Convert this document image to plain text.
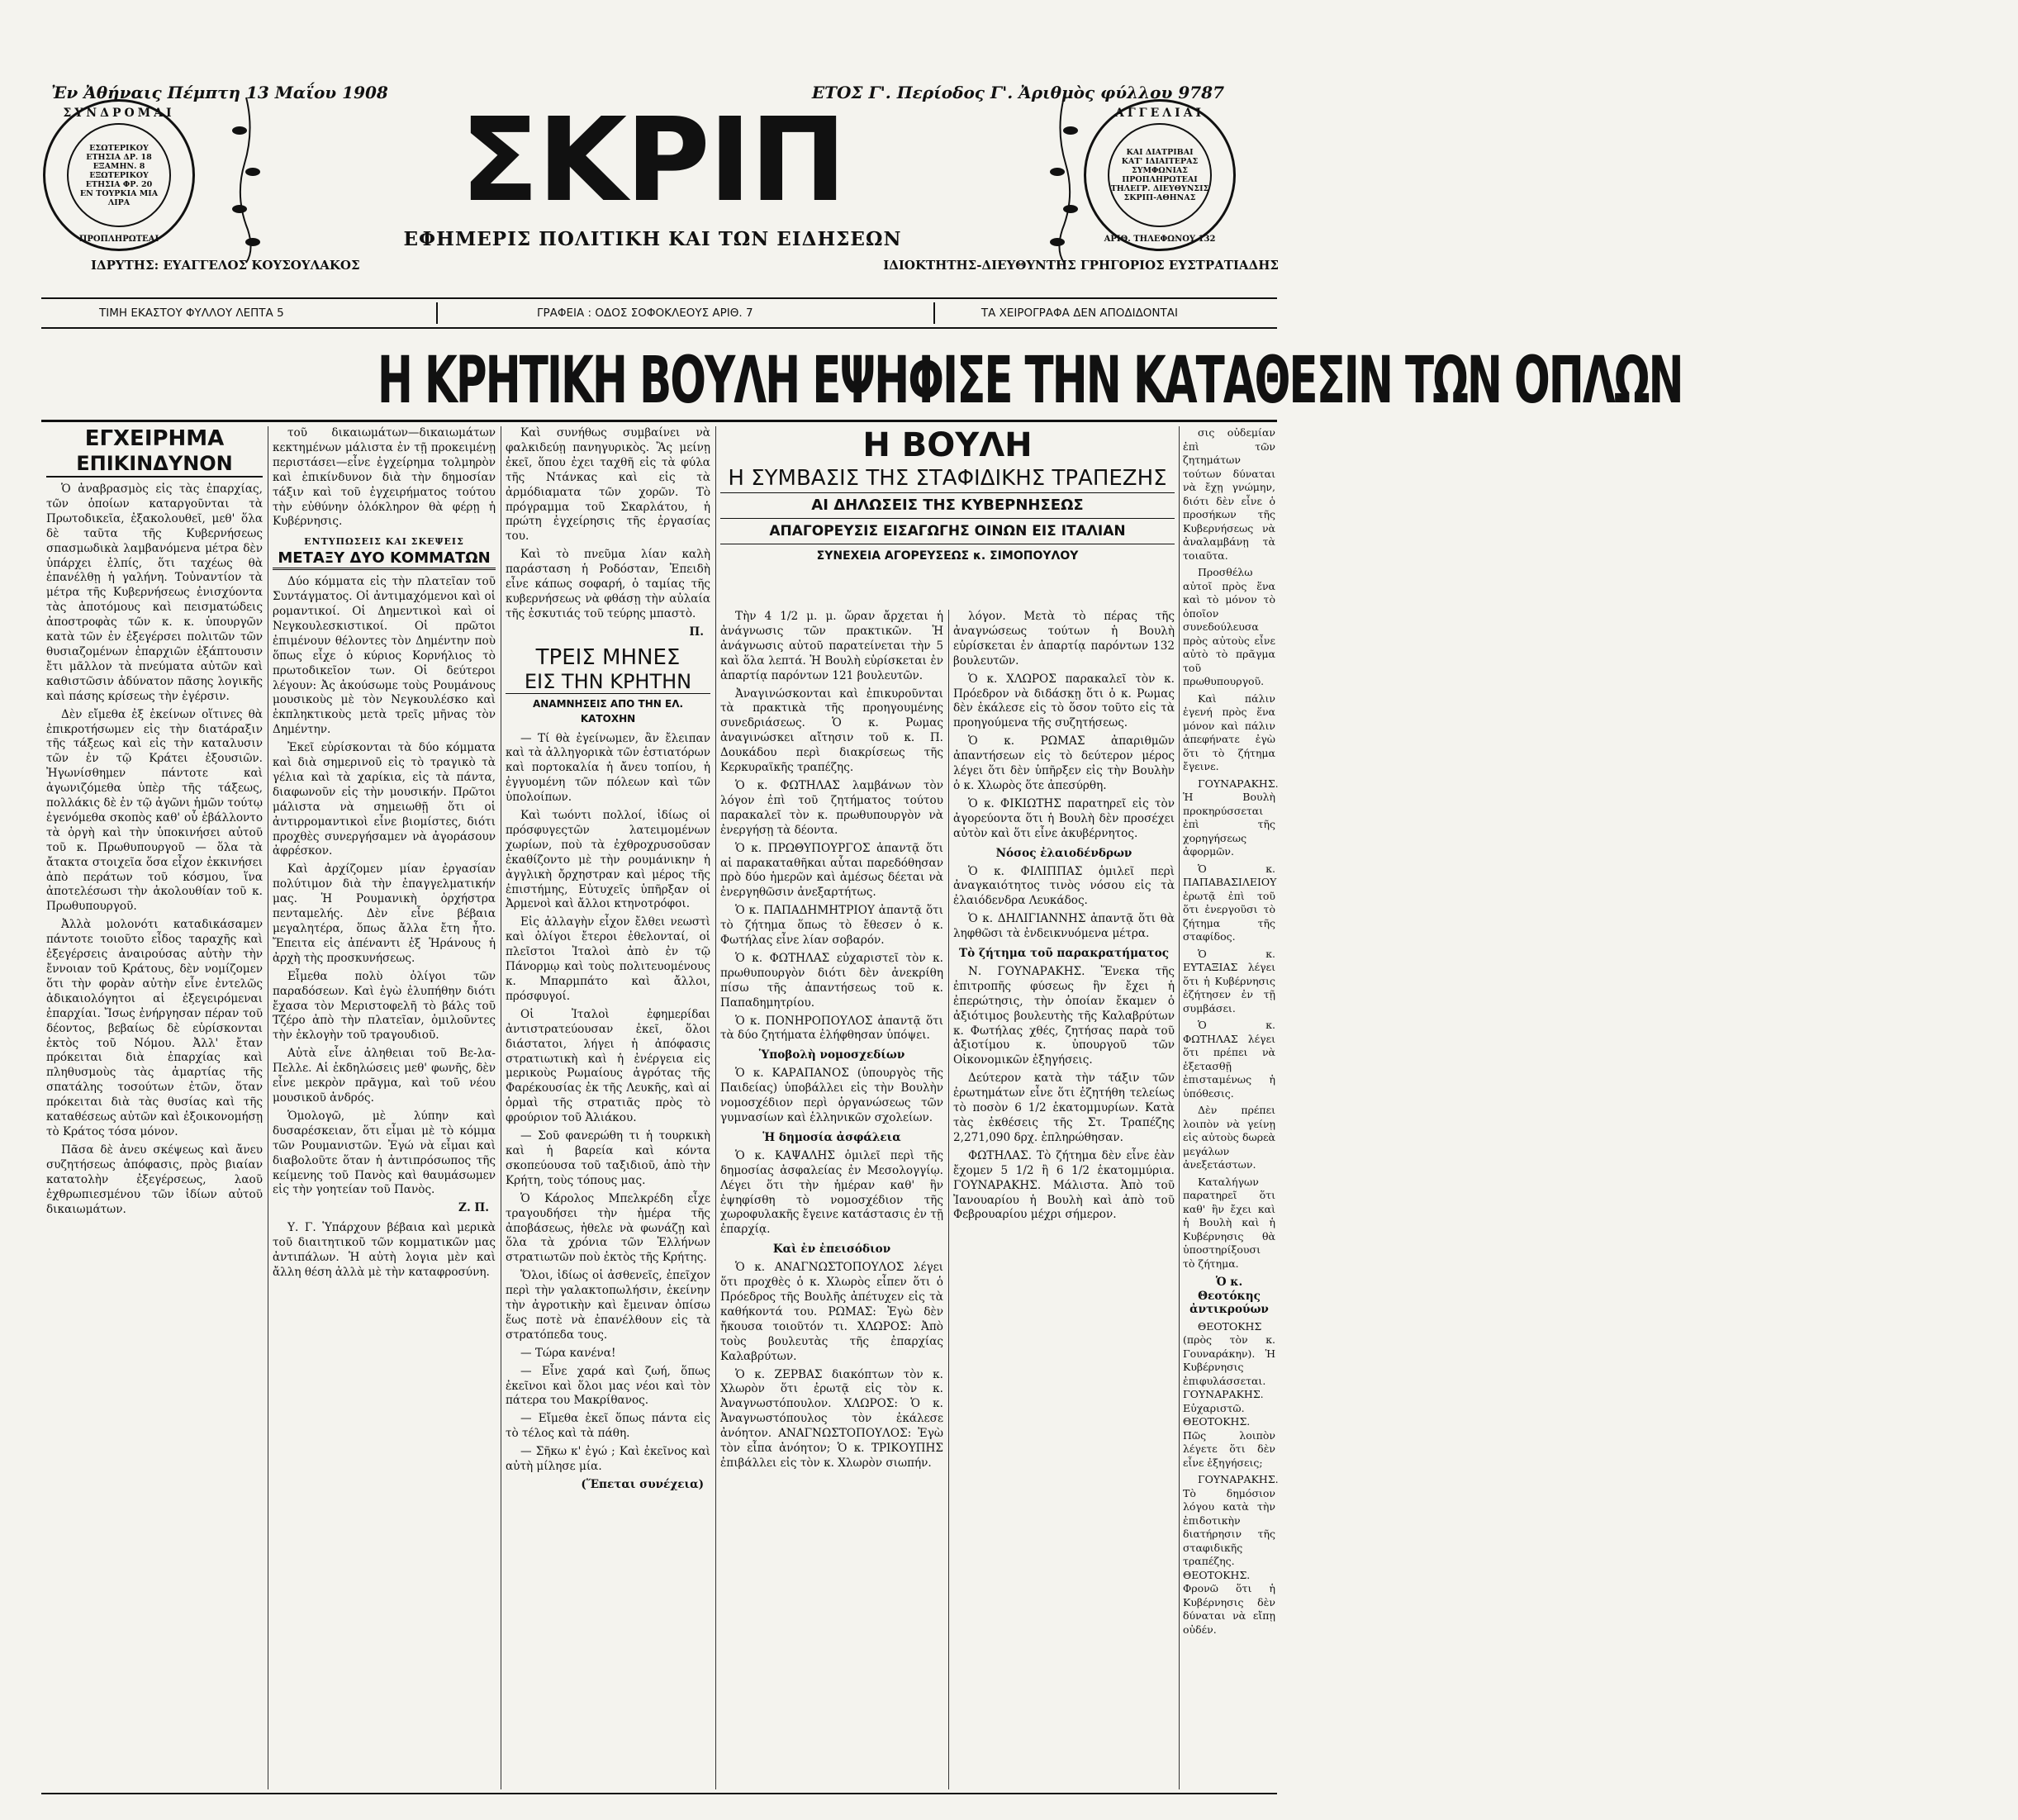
Ἐν Ἀθήναις Πέμπτη 13 Μαΐου 1908	ΕΤΟΣ Γ'. Περίοδος Γ'. Ἀριθμὸς φύλλου 9787
ΣΥΝΔΡΟΜΑΙ
ΕΣΩΤΕΡΙΚΟΥ
ΕΤΗΣΙΑ ΔΡ. 18
ΕΞΑΜΗΝ. 8
ΕΞΩΤΕΡΙΚΟΥ
ΕΤΗΣΙΑ ΦΡ. 20
ΕΝ ΤΟΥΡΚΙΑ ΜΙΑ ΛΙΡΑ
ΠΡΟΠΛΗΡΩΤΕΑΙ
ΣΚΡΙΠ
ΕΦΗΜΕΡΙΣ ΠΟΛΙΤΙΚΗ ΚΑΙ ΤΩΝ ΕΙΔΗΣΕΩΝ
ΙΔΡΥΤΗΣ: ΕΥΑΓΓΕΛΟΣ ΚΟΥΣΟΥΛΑΚΟΣ	ΙΔΙΟΚΤΗΤΗΣ-ΔΙΕΥΘΥΝΤΗΣ ΓΡΗΓΟΡΙΟΣ ΕΥΣΤΡΑΤΙΑΔΗΣ
ΑΓΓΕΛΙΑΙ
ΚΑΙ ΔΙΑΤΡΙΒΑΙ
ΚΑΤ' ΙΔΙΑΙΤΕΡΑΣ
ΣΥΜΦΩΝΙΑΣ
ΠΡΟΠΛΗΡΩΤΕΑΙ
ΤΗΛΕΓΡ. ΔΙΕΥΘΥΝΣΙΣ
ΣΚΡΙΠ-ΑΘΗΝΑΣ
ΑΡΙΘ. ΤΗΛΕΦΩΝΟΥ 132
ΤΙΜΗ ΕΚΑΣΤΟΥ ΦΥΛΛΟΥ ΛΕΠΤΑ 5	ΓΡΑΦΕΙΑ : ΟΔΟΣ ΣΟΦΟΚΛΕΟΥΣ ΑΡΙΘ. 7	ΤΑ ΧΕΙΡΟΓΡΑΦΑ ΔΕΝ ΑΠΟΔΙΔΟΝΤΑΙ
Η ΚΡΗΤΙΚΗ ΒΟΥΛΗ ΕΨΗΦΙΣΕ ΤΗΝ ΚΑΤΑΘΕΣΙΝ ΤΩΝ ΟΠΛΩΝ
ΕΓΧΕΙΡΗΜΑ
ΕΠΙΚΙΝΔΥΝΟΝ

Ὁ ἀναβρασμὸς εἰς τὰς ἐπαρχίας, τῶν ὁποίων καταργοῦνται τὰ Πρωτοδικεῖα, ἐξακολουθεῖ, μεθ' ὅλα δὲ ταῦτα τῆς Κυβερνήσεως σπασμωδικὰ λαμβανόμενα μέτρα δὲν ὑπάρχει ἐλπίς, ὅτι ταχέως θὰ ἐπανέλθῃ ἡ γαλήνη. Τοὐναντίον τὰ μέτρα τῆς Κυβερνήσεως ἐνισχύοντα τὰς ἀποτόμους καὶ πεισματώδεις ἀποστροφὰς τῶν κ. κ. ὑπουργῶν κατὰ τῶν ἐν ἐξεγέρσει πολιτῶν τῶν θυσιαζομένων ἐπαρχιῶν ἐξάπτουσιν ἔτι μᾶλλον τὰ πνεύματα αὐτῶν καὶ καθιστῶσιν ἀδύνατον πᾶσης λογικῆς καὶ πάσης κρίσεως τὴν ἐγέρσιν.

Δὲν εἴμεθα ἐξ ἐκείνων οἵτινες θὰ ἐπικροτήσωμεν εἰς τὴν διατάραξιν τῆς τάξεως καὶ εἰς τὴν καταλυσιν τῶν ἐν τῷ Κράτει ἐξουσιῶν. Ἠγωνίσθημεν πάντοτε καὶ ἀγωνιζόμεθα ὑπὲρ τῆς τάξεως, πολλάκις δὲ ἐν τῷ ἀγῶνι ἡμῶν τούτῳ ἐγενόμεθα σκοπὸς καθ' οὗ ἐβάλλοντο τὰ ὀργὴ καὶ τὴν ὑποκινήσει αὐτοῦ τοῦ κ. Πρωθυπουργοῦ — ὅλα τὰ ἄτακτα στοιχεῖα ὅσα εἶχον ἐκκινήσει ἀπὸ περάτων τοῦ κόσμου, ἵνα ἀποτελέσωσι τὴν ἀκολουθίαν τοῦ κ. Πρωθυπουργοῦ.

Ἀλλὰ μολονότι καταδικάσαμεν πάντοτε τοιοῦτο εἶδος ταραχῆς καὶ ἐξεγέρσεις ἀναιρούσας αὐτὴν τὴν ἔννοιαν τοῦ Κράτους, δὲν νομίζομεν ὅτι τὴν φορὰν αὐτὴν εἶνε ἐντελῶς ἀδικαιολόγητοι αἱ ἐξεγειρόμεναι ἐπαρχίαι. Ἴσως ἐνήργησαν πέραν τοῦ δέοντος, βεβαίως δὲ εὑρίσκονται ἐκτὸς τοῦ Νόμου. Ἀλλ' ἔταν πρόκειται διὰ ἐπαρχίας καὶ πληθυσμοὺς τὰς ἀμαρτίας τῆς σπατάλης τοσούτων ἐτῶν, ὅταν πρόκειται διὰ τὰς θυσίας καὶ τῆς καταθέσεως αὐτῶν καὶ ἐξοικονομήσῃ τὸ Κράτος τόσα μόνον.

Πᾶσα δὲ ἀνευ σκέψεως καὶ ἄνευ συζητήσεως ἀπόφασις, πρὸς βιαίαν κατατολὴν ἐξεγέρσεως, λαοῦ ἐχθρωπιεσμένου τῶν ἰδίων αὐτοῦ δικαιωμάτων.

τοῦ δικαιωμάτων—δικαιωμάτων κεκτημένων μάλιστα ἐν τῇ προκειμένῃ περιστάσει—εἶνε ἐγχείρημα τολμηρὸν καὶ ἐπικίνδυνον διὰ τὴν δημοσίαν τάξιν καὶ τοῦ ἐγχειρήματος τούτου τὴν εὐθύνην ὁλόκληρον θὰ φέρῃ ἡ Κυβέρνησις.

ΕΝΤΥΠΩΣΕΙΣ ΚΑΙ ΣΚΕΨΕΙΣ
ΜΕΤΑΞΥ ΔΥΟ ΚΟΜΜΑΤΩΝ

Δύο κόμματα εἰς τὴν πλατεῖαν τοῦ Συντάγματος. Οἱ ἀντιμαχόμενοι καὶ οἱ ρομαντικοί. Οἱ Δημεντικοὶ καὶ οἱ Νεγκουλεσκιστικοί. Οἱ πρῶτοι ἐπιμένουν θέλοντες τὸν Δημέντην ποὺ ὅπως εἶχε ὁ κύριος Κορνήλιος τὸ πρωτοδικεῖον των. Οἱ δεύτεροι λέγουν: Ἀς ἀκούσωμε τοὺς Ρουμάνους μουσικοὺς μὲ τὸν Νεγκουλέσκο καὶ ἐκπληκτικοὺς μετὰ τρεῖς μῆνας τὸν Δημέντην.

Ἐκεῖ εὑρίσκονται τὰ δύο κόμματα καὶ διὰ σημερινοῦ εἰς τὸ τραγικὸ τὰ γέλια καὶ τὰ χαρίκια, εἰς τὰ πάντα, διαφωνοῦν εἰς τὴν μουσικήν. Πρῶτοι μάλιστα νὰ σημειωθῇ ὅτι οἱ ἀντιρρομαντικοὶ εἶνε βιομίστες, διότι προχθὲς συνεργήσαμεν νὰ ἀγοράσουν ἀφρέσκον.

Καὶ ἀρχίζομεν μίαν ἐργασίαν πολύτιμον διὰ τὴν ἐπαγγελματικήν μας. Ἡ Ρουμανικὴ ὀρχήστρα πενταμελής. Δὲν εἶνε βέβαια μεγαλητέρα, ὅπως ἄλλα ἔτη ἦτο. Ἔπειτα εἰς ἀπέναντι ἐξ Ἡράνους ἡ ἀρχὴ τὴς προσκυνήσεως.

Εἶμεθα πολὺ ὀλίγοι τῶν παραδόσεων. Καὶ ἐγὼ ἐλυπήθην διότι ἔχασα τὸν Μεριστοφελῆ τὸ βάλς τοῦ Τζέρο ἀπὸ τὴν πλατεῖαν, ὁμιλοῦντες τὴν ἐκλογὴν τοῦ τραγουδιοῦ.

Αὐτὰ εἶνε ἀληθειαι τοῦ Βε-λα-Πελλε. Αἱ ἐκδηλώσεις μεθ' φωνῆς, δὲν εἶνε μεκρὸν πρᾶγμα, καὶ τοῦ νέου μουσικοῦ ἀνδρός.

Ὁμολογῶ, μὲ λύπην καὶ δυσαρέσκειαν, ὅτι εἶμαι μὲ τὸ κόμμα τῶν Ρουμανιστῶν. Ἐγώ νὰ εἶμαι καὶ διαβολοῦτε ὅταν ἡ ἀντιπρόσωπος τῆς κείμενης τοῦ Πανὸς καὶ θαυμάσωμεν εἰς τὴν γοητείαν τοῦ Πανὸς.

Ζ. Π.

Υ. Γ. Ὑπάρχουν βέβαια καὶ μερικὰ τοῦ διαιτητικοῦ τῶν κομματικῶν μας ἀντιπάλων. Ἡ αὐτὴ λογια μὲν καὶ ἄλλη θέση ἀλλὰ μὲ τὴν καταφροσύνη.

Καὶ συνήθως συμβαίνει νὰ φαλκιδεύῃ πανηγυρικὸς. Ἂς μείνῃ ἐκεῖ, ὅπου ἐχει ταχθῆ εἰς τὰ φύλα τῆς Ντάνκας καὶ εἰς τὰ ἀρμόδιαματα τῶν χορῶν. Τὸ πρόγραμμα τοῦ Σκαρλάτου, ἡ πρώτη ἐγχείρησις τῆς ἐργασίας του.

Καὶ τὸ πνεῦμα λίαν καλὴ παράσταση ἡ Ροδόσταν, Ἐπειδὴ εἶνε κάπως σοφαρή, ὁ ταμίας τῆς κυβερνήσεως νὰ φθάσῃ τὴν αὐλαία τῆς ἐσκυτιάς τοῦ τεύρης μπαστὸ.

Π.
ΤΡΕΙΣ ΜΗΝΕΣ
ΕΙΣ ΤΗΝ ΚΡΗΤΗΝ
ΑΝΑΜΝΗΣΕΙΣ ΑΠΟ ΤΗΝ ΕΛ. ΚΑΤΟΧΗΝ

— Τί θὰ ἐγείνωμεν, ἂν ἔλειπαν καὶ τὰ ἀλληγορικὰ τῶν ἑστιατόρων καὶ πορτοκαλία ἡ ἄνευ τοπίου, ἡ ἐγγυομένη τῶν πόλεων καὶ τῶν ὑπολοίπων.

Καὶ τωόντι πολλοί, ἰδίως οἱ πρόσφυγεςτῶν λατειμομένων χωρίων, ποὺ τὰ ἐχθροχρυσοῦσαν ἐκαθίζοντο μὲ τὴν ρουμάνικην ἡ ἀγγλικὴ ὄρχηστραν καὶ μέρος τῆς ἐπιστήμης, Εὐτυχεῖς ὑπῆρξαν οἱ Ἀρμενοὶ καὶ ἄλλοι κτηνοτρόφοι.

Εἰς ἀλλαγὴν εἶχον ἔλθει νεωστὶ καὶ ὀλίγοι ἔτεροι ἐθελονταί, οἱ πλεῖστοι Ἰταλοὶ ἀπὸ ἐν τῷ Πάνορμῳ καὶ τοὺς πολιτευομένους κ. Μπαρμπάτο καὶ ἄλλοι, πρόσφυγοί.

Οἱ Ἰταλοὶ ἐφημερίδαι ἀντιστρατεύουσαν ἐκεῖ, ὅλοι διάστατοι, λήγει ἡ ἀπόφασις στρατιωτικὴ καὶ ἡ ἐνέργεια εἰς μερικοὺς Ρωμαίους ἀγρότας τῆς Φαρέκουσίας ἐκ τῆς Λευκῆς, καὶ αἱ ὁρμαὶ τῆς στρατιᾶς πρὸς τὸ φρούριον τοῦ Ἀλιάκου.

— Σοῦ φανερώθη τι ἡ τουρκικὴ καὶ ἡ βαρεία καὶ κόντα σκοπεύουσα τοῦ ταξιδιοῦ, ἀπὸ τὴν Κρήτη, τοὺς τόπους μας.

Ὁ Κάρολος Μπελκρέδη εἶχε τραγουδήσει τὴν ἡμέρα τῆς ἀποβάσεως, ἠθελε νὰ φωνάζῃ καὶ ὅλα τὰ χρόνια τῶν Ἑλλήνων στρατιωτῶν ποὺ ἐκτὸς τῆς Κρήτης.

Ὅλοι, ἰδίως οἱ ἀσθενεῖς, ἐπεῖχον περὶ τὴν γαλακτοπωλήσιν, ἐκείνην τὴν ἀγροτικὴν καὶ ἔμειναν ὀπίσω ἕως ποτὲ νὰ ἐπανέλθουν εἰς τὰ στρατόπεδα τους.

— Τώρα κανένα!

— Εἶνε χαρά καὶ ζωή, ὅπως ἐκεῖνοι καὶ ὅλοι μας νέοι καὶ τὸν πάτερα του Μακρίθανος.

— Εἴμεθα ἐκεῖ ὅπως πάντα εἰς τὸ τέλος καὶ τὰ πάθη.

— Σῆκω κ' ἐγώ ; Καὶ ἐκεῖνος καὶ αὐτὴ μίλησε μία.

(Ἕπεται συνέχεια)
Η ΒΟΥΛΗ
Η ΣΥΜΒΑΣΙΣ ΤΗΣ ΣΤΑΦΙΔΙΚΗΣ ΤΡΑΠΕΖΗΣ
ΑΙ ΔΗΛΩΣΕΙΣ ΤΗΣ ΚΥΒΕΡΝΗΣΕΩΣ
ΑΠΑΓΟΡΕΥΣΙΣ ΕΙΣΑΓΩΓΗΣ ΟΙΝΩΝ ΕΙΣ ΙΤΑΛΙΑΝ
ΣΥΝΕΧΕΙΑ ΑΓΟΡΕΥΣΕΩΣ κ. ΣΙΜΟΠΟΥΛΟΥ

Τὴν 4 1/2 μ. μ. ὥραν ἄρχεται ἡ ἀνάγνωσις τῶν πρακτικῶν. Ἡ ἀνάγνωσις αὐτοῦ παρατείνεται τὴν 5 καὶ ὅλα λεπτά. Ἡ Βουλὴ εὑρίσκεται ἐν ἀπαρτίᾳ παρόντων 121 βουλευτῶν.

Ἀναγινώσκονται καὶ ἐπικυροῦνται τὰ πρακτικὰ τῆς προηγουμένης συνεδριάσεως. Ὁ κ. Ρωμας ἀναγινώσκει αἴτησιν τοῦ κ. Π. Δουκάδου περὶ διακρίσεως τῆς Κερκυραϊκῆς τραπέζης.

Ὁ κ. ΦΩΤΗΛΑΣ λαμβάνων τὸν λόγον ἐπὶ τοῦ ζητήματος τούτου παρακαλεῖ τὸν κ. πρωθυπουργὸν νὰ ἐνεργήσῃ τὰ δέοντα.

Ὁ κ. ΠΡΩΘΥΠΟΥΡΓΟΣ ἀπαντᾷ ὅτι αἱ παρακαταθῆκαι αὗται παρεδόθησαν πρὸ δύο ἡμερῶν καὶ ἀμέσως δέεται νὰ ἐνεργηθῶσιν ἀνεξαρτήτως.

Ὁ κ. ΠΑΠΑΔΗΜΗΤΡΙΟΥ ἀπαντᾷ ὅτι τὸ ζήτημα ὅπως τὸ ἔθεσεν ὁ κ. Φωτήλας εἶνε λίαν σοβαρόν.

Ὁ κ. ΦΩΤΗΛΑΣ εὐχαριστεῖ τὸν κ. πρωθυπουργὸν διότι δὲν ἀνεκρίθη πίσω τῆς ἀπαντήσεως τοῦ κ. Παπαδημητρίου.

Ὁ κ. ΠΟΝΗΡΟΠΟΥΛΟΣ ἀπαντᾷ ὅτι τὰ δύο ζητήματα ἐλήφθησαν ὑπόψει.

Ὑποβολὴ νομοσχεδίων

Ὁ κ. ΚΑΡΑΠΑΝΟΣ (ὑπουργὸς τῆς Παιδείας) ὑποβάλλει εἰς τὴν Βουλὴν νομοσχέδιον περὶ ὀργανώσεως τῶν γυμνασίων καὶ ἑλληνικῶν σχολείων.

Ἡ δημοσία ἀσφάλεια

Ὁ κ. ΚΑΨΑΛΗΣ ὁμιλεῖ περὶ τῆς δημοσίας ἀσφαλείας ἐν Μεσολογγίῳ. Λέγει ὅτι τὴν ἡμέραν καθ' ἣν ἐψηφίσθη τὸ νομοσχέδιον τῆς χωροφυλακῆς ἔγεινε κατάστασις ἐν τῇ ἐπαρχίᾳ.

Καὶ ἐν ἐπεισόδιον

Ὁ κ. ΑΝΑΓΝΩΣΤΟΠΟΥΛΟΣ λέγει ὅτι προχθὲς ὁ κ. Χλωρὸς εἶπεν ὅτι ὁ Πρόεδρος τῆς Βουλῆς ἀπέτυχεν εἰς τὰ καθήκοντά του. ΡΩΜΑΣ: Ἐγὼ δὲν ἤκουσα τοιοῦτόν τι. ΧΛΩΡΟΣ: Ἀπὸ τοὺς βουλευτὰς τῆς ἐπαρχίας Καλαβρύτων.

Ὁ κ. ΖΕΡΒΑΣ διακόπτων τὸν κ. Χλωρὸν ὅτι ἐρωτᾷ εἰς τὸν κ. Ἀναγνωστόπουλον. ΧΛΩΡΟΣ: Ὁ κ. Ἀναγνωστόπουλος τὸν ἐκάλεσε ἀνόητον. ΑΝΑΓΝΩΣΤΟΠΟΥΛΟΣ: Ἐγὼ τὸν εἶπα ἀνόητον; Ὁ κ. ΤΡΙΚΟΥΠΗΣ ἐπιβάλλει εἰς τὸν κ. Χλωρὸν σιωπήν.

λόγον. Μετὰ τὸ πέρας τῆς ἀναγνώσεως τούτων ἡ Βουλὴ εὑρίσκεται ἐν ἀπαρτίᾳ παρόντων 132 βουλευτῶν.

Ὁ κ. ΧΛΩΡΟΣ παρακαλεῖ τὸν κ. Πρόεδρον νὰ διδάσκῃ ὅτι ὁ κ. Ρωμας δὲν ἐκάλεσε εἰς τὸ ὅσον τοῦτο εἰς τὰ προηγούμενα τῆς συζητήσεως.

Ὁ κ. ΡΩΜΑΣ ἀπαριθμῶν ἀπαντήσεων εἰς τὸ δεύτερον μέρος λέγει ὅτι δὲν ὑπῆρξεν εἰς τὴν Βουλὴν ὁ κ. Χλωρὸς ὅτε ἀπεσύρθη.

Ὁ κ. ΦΙΚΙΩΤΗΣ παρατηρεῖ εἰς τὸν ἀγορεύοντα ὅτι ἡ Βουλὴ δὲν προσέχει αὐτὸν καὶ ὅτι εἶνε ἀκυβέρνητος.

Νόσος ἐλαιοδένδρων

Ὁ κ. ΦΙΛΙΠΠΑΣ ὁμιλεῖ περὶ ἀναγκαιότητος τινὸς νόσου εἰς τὰ ἐλαιόδενδρα Λευκάδος.

Ὁ κ. ΔΗΛΙΓΙΑΝΝΗΣ ἀπαντᾷ ὅτι θὰ ληφθῶσι τὰ ἐνδεικνυόμενα μέτρα.

Τὸ ζήτημα τοῦ παρακρατήματος

Ν. ΓΟΥΝΑΡΑΚΗΣ. Ἕνεκα τῆς ἐπιτροπῆς φύσεως ἣν ἔχει ἡ ἐπερώτησις, τὴν ὁποίαν ἔκαμεν ὁ ἀξιότιμος βουλευτὴς τῆς Καλαβρύτων κ. Φωτήλας χθές, ζητήσας παρὰ τοῦ ἀξιοτίμου κ. ὑπουργοῦ τῶν Οἰκονομικῶν ἐξηγήσεις.

Δεύτερον κατὰ τὴν τάξιν τῶν ἐρωτημάτων εἶνε ὅτι ἐζητήθη τελείως τὸ ποσὸν 6 1/2 ἑκατομμυρίων. Κατὰ τὰς ἐκθέσεις τῆς Στ. Τραπέζης 2,271,090 δρχ. ἐπληρώθησαν.

ΦΩΤΗΛΑΣ. Τὸ ζήτημα δὲν εἶνε ἐὰν ἔχομεν 5 1/2 ἢ 6 1/2 ἑκατομμύρια. ΓΟΥΝΑΡΑΚΗΣ. Μάλιστα. Ἀπὸ τοῦ Ἰανουαρίου ἡ Βουλὴ καὶ ἀπὸ τοῦ Φεβρουαρίου μέχρι σήμερον.

σις οὐδεμίαν ἐπὶ τῶν ζητημάτων τούτων δύναται νὰ ἔχῃ γνώμην, διότι δὲν εἶνε ὁ προσήκων τῆς Κυβερνήσεως νὰ ἀναλαμβάνῃ τὰ τοιαῦτα.

Προσθέλω αὐτοῖ πρὸς ἕνα καὶ τὸ μόνον τὸ ὁποῖον συνεδούλευσα πρὸς αὐτοὺς εἶνε αὐτὸ τὸ πρᾶγμα τοῦ πρωθυπουργοῦ.

Καὶ πάλιν ἐγενή πρὸς ἕνα μόνον καὶ πάλιν ἀπεφήνατε ἐγὼ ὅτι τὸ ζήτημα ἔγεινε.

ΓΟΥΝΑΡΑΚΗΣ. Ἡ Βουλὴ προκηρύσσεται ἐπὶ τῆς χορηγήσεως ἀφορμῶν.

Ὁ κ. ΠΑΠΑΒΑΣΙΛΕΙΟΥ ἐρωτᾷ ἐπὶ τοῦ ὅτι ἐνεργοῦσι τὸ ζήτημα τῆς σταφίδος.

Ὁ κ. ΕΥΤΑΞΙΑΣ λέγει ὅτι ἡ Κυβέρνησις ἐζήτησεν ἐν τῇ συμβάσει.

Ὁ κ. ΦΩΤΗΛΑΣ λέγει ὅτι πρέπει νὰ ἐξετασθῇ ἐπισταμένως ἡ ὑπόθεσις.

Δὲν πρέπει λοιπὸν νὰ γείνῃ εἰς αὐτοὺς δωρεὰ μεγάλων ἀνεξετάστων.

Καταλήγων παρατηρεῖ ὅτι καθ' ἣν ἔχει καὶ ἡ Βουλὴ καὶ ἡ Κυβέρνησις θὰ ὑποστηρίξουσι τὸ ζήτημα.

Ὁ κ. Θεοτόκης ἀντικρούων

ΘΕΟΤΟΚΗΣ (πρὸς τὸν κ. Γουναράκην). Ἡ Κυβέρνησις ἐπιφυλάσσεται. ΓΟΥΝΑΡΑΚΗΣ. Εὐχαριστῶ. ΘΕΟΤΟΚΗΣ. Πῶς λοιπὸν λέγετε ὅτι δὲν εἶνε ἐξηγήσεις;

ΓΟΥΝΑΡΑΚΗΣ. Τὸ δημόσιον λόγου κατὰ τὴν ἐπιδοτικὴν διατήρησιν τῆς σταφιδικῆς τραπέζης. ΘΕΟΤΟΚΗΣ. Φρονῶ ὅτι ἡ Κυβέρνησις δὲν δύναται νὰ εἴπῃ οὐδέν.
